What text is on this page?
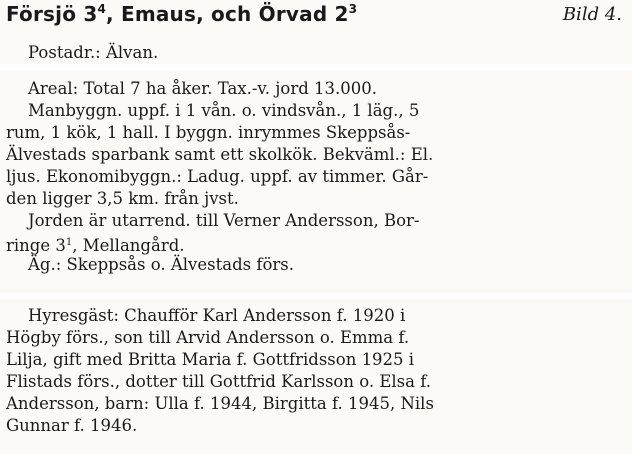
Försjö $3^4$, Emaus, och Örvad $2^3$	Bild 4.
Postadr.: Älvan.
Areal: Total 7 ha åker. Tax.-v. jord 13.000.
Manbyggn. uppf. i 1 vån. o. vindsvån., 1 läg., 5
rum, 1 kök, 1 hall. I byggn. inrymmes Skeppsås-
Älvestads sparbank samt ett skolkök. Bekväml.: El.
ljus. Ekonomibyggn.: Ladug. uppf. av timmer. Går-
den ligger 3,5 km. från jvst.
Jorden är utarrend. till Verner Andersson, Bor-
ringe $3^1$, Mellangård.
Äg.: Skeppsås o. Älvestads förs.
Hyresgäst: Chaufför Karl Andersson f. 1920 i
Högby förs., son till Arvid Andersson o. Emma f.
Lilja, gift med Britta Maria f. Gottfridsson 1925 i
Flistads förs., dotter till Gottfrid Karlsson o. Elsa f.
Andersson, barn: Ulla f. 1944, Birgitta f. 1945, Nils
Gunnar f. 1946.
